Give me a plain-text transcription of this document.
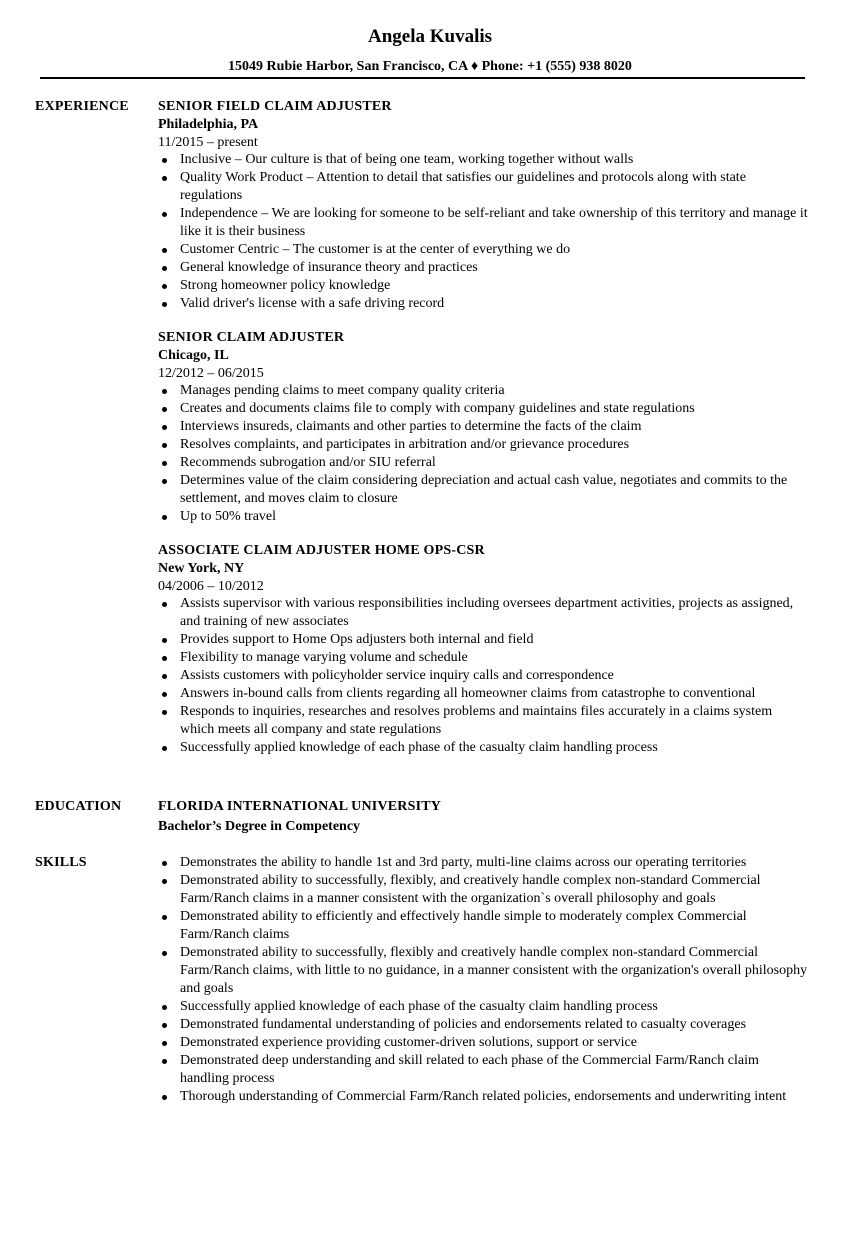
Angela Kuvalis
15049 Rubie Harbor, San Francisco, CA ♦ Phone: +1 (555) 938 8020
EXPERIENCE SENIOR FIELD CLAIM ADJUSTER
Philadelphia, PA
11/2015 – present
Inclusive – Our culture is that of being one team, working together without walls
Quality Work Product – Attention to detail that satisfies our guidelines and protocols along with state regulations
Independence – We are looking for someone to be self-reliant and take ownership of this territory and manage it like it is their business
Customer Centric – The customer is at the center of everything we do
General knowledge of insurance theory and practices
Strong homeowner policy knowledge
Valid driver's license with a safe driving record
SENIOR CLAIM ADJUSTER
Chicago, IL
12/2012 – 06/2015
Manages pending claims to meet company quality criteria
Creates and documents claims file to comply with company guidelines and state regulations
Interviews insureds, claimants and other parties to determine the facts of the claim
Resolves complaints, and participates in arbitration and/or grievance procedures
Recommends subrogation and/or SIU referral
Determines value of the claim considering depreciation and actual cash value, negotiates and commits to the settlement, and moves claim to closure
Up to 50% travel
ASSOCIATE CLAIM ADJUSTER HOME OPS-CSR
New York, NY
04/2006 – 10/2012
Assists supervisor with various responsibilities including oversees department activities, projects as assigned, and training of new associates
Provides support to Home Ops adjusters both internal and field
Flexibility to manage varying volume and schedule
Assists customers with policyholder service inquiry calls and correspondence
Answers in-bound calls from clients regarding all homeowner claims from catastrophe to conventional
Responds to inquiries, researches and resolves problems and maintains files accurately in a claims system which meets all company and state regulations
Successfully applied knowledge of each phase of the casualty claim handling process
EDUCATION	FLORIDA INTERNATIONAL UNIVERSITY
Bachelor’s Degree in Competency
SKILLS	Demonstrates the ability to handle 1st and 3rd party, multi-line claims across our operating territories
Demonstrated ability to successfully, flexibly, and creatively handle complex non-standard Commercial Farm/Ranch claims in a manner consistent with the organization`s overall philosophy and goals
Demonstrated ability to efficiently and effectively handle simple to moderately complex Commercial Farm/Ranch claims
Demonstrated ability to successfully, flexibly and creatively handle complex non-standard Commercial Farm/Ranch claims, with little to no guidance, in a manner consistent with the organization's overall philosophy and goals
Successfully applied knowledge of each phase of the casualty claim handling process
Demonstrated fundamental understanding of policies and endorsements related to casualty coverages
Demonstrated experience providing customer-driven solutions, support or service
Demonstrated deep understanding and skill related to each phase of the Commercial Farm/Ranch claim handling process
Thorough understanding of Commercial Farm/Ranch related policies, endorsements and underwriting intent
